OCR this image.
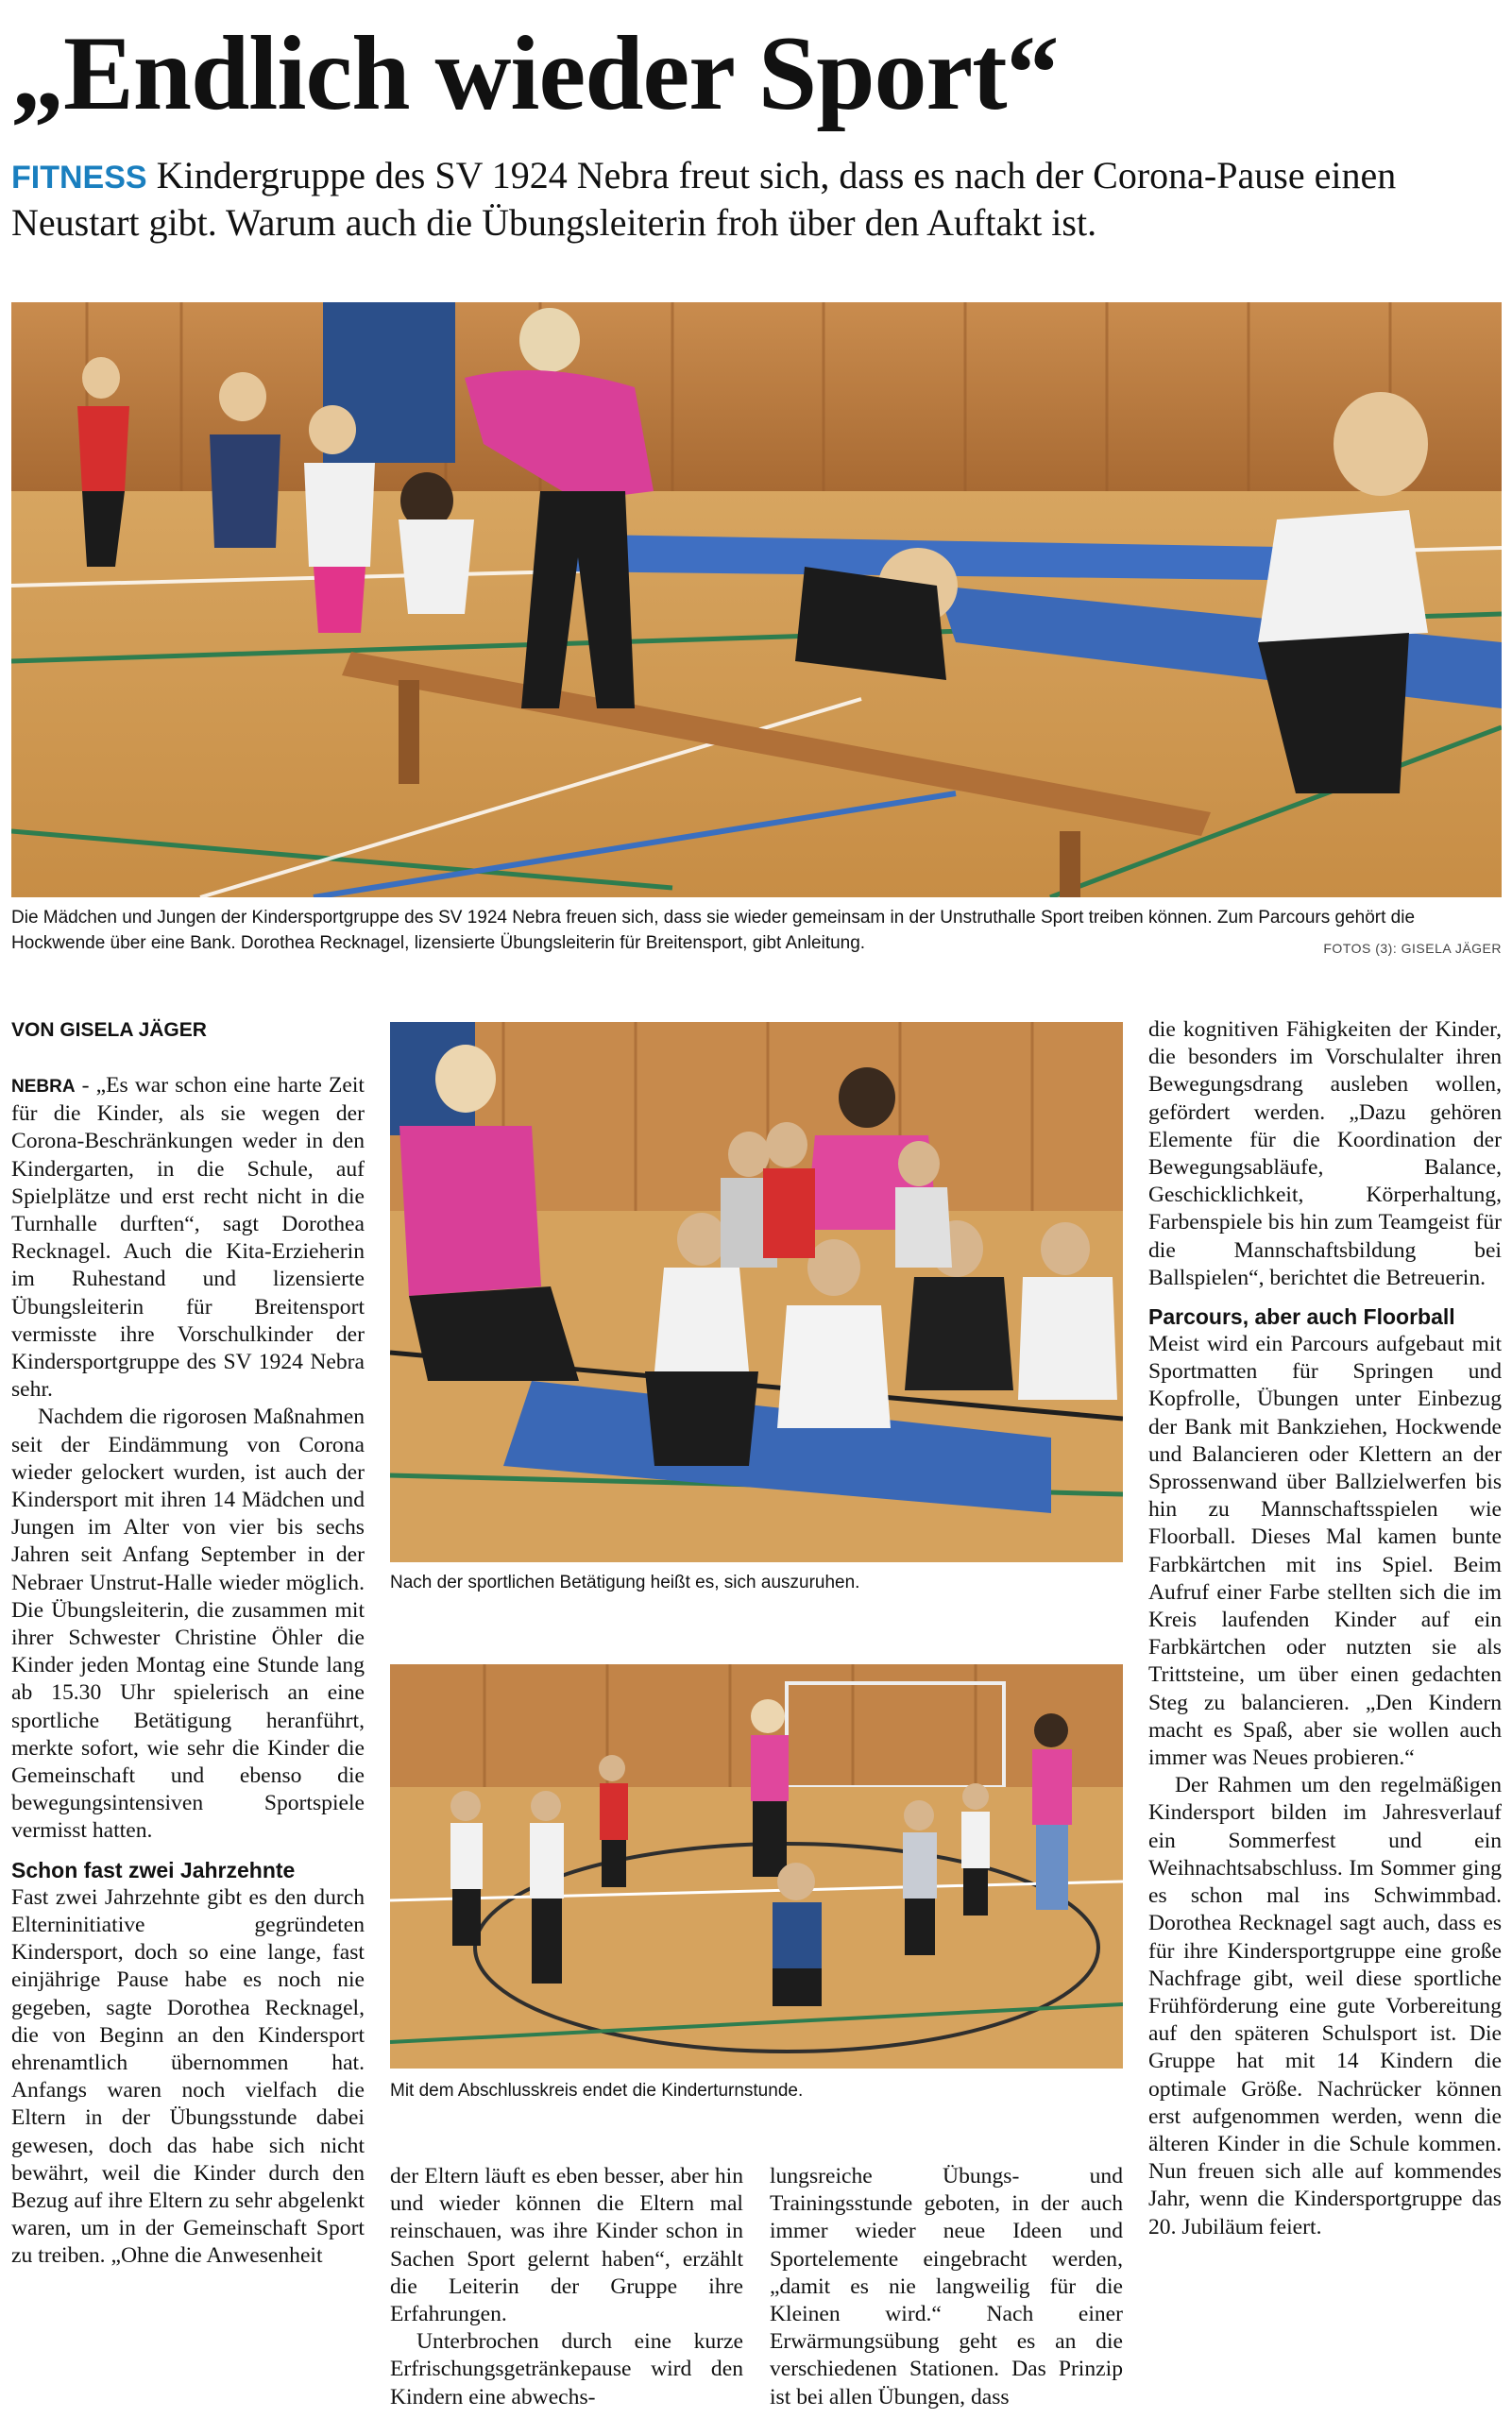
„Endlich wieder Sport“
FITNESS Kindergruppe des SV 1924 Nebra freut sich, dass es nach der Corona-Pause einen Neustart gibt. Warum auch die Übungsleiterin froh über den Auftakt ist.
Die Mädchen und Jungen der Kindersportgruppe des SV 1924 Nebra freuen sich, dass sie wieder gemeinsam in der Unstruthalle Sport treiben können. Zum Parcours gehört die Hockwende über eine Bank. Dorothea Recknagel, lizensierte Übungsleiterin für Breitensport, gibt Anleitung.	FOTOS (3): GISELA JÄGER
VON GISELA JÄGER

NEBRA - „Es war schon eine harte Zeit für die Kinder, als sie wegen der Corona-Beschränkungen weder in den Kindergarten, in die Schule, auf Spielplätze und erst recht nicht in die Turnhalle durften“, sagt Dorothea Recknagel. Auch die Kita-Erzieherin im Ruhestand und lizensierte Übungsleiterin für Breitensport vermisste ihre Vorschulkinder der Kindersportgruppe des SV 1924 Nebra sehr.

Nachdem die rigorosen Maßnahmen seit der Eindämmung von Corona wieder gelockert wurden, ist auch der Kindersport mit ihren 14 Mädchen und Jungen im Alter von vier bis sechs Jahren seit Anfang September in der Nebraer Unstrut-Halle wieder möglich. Die Übungsleiterin, die zusammen mit ihrer Schwester Christine Öhler die Kinder jeden Montag eine Stunde lang ab 15.30 Uhr spielerisch an eine sportliche Betätigung heranführt, merkte sofort, wie sehr die Kinder die Gemeinschaft und ebenso die bewegungsintensiven Sportspiele vermisst hatten.

Schon fast zwei Jahrzehnte

Fast zwei Jahrzehnte gibt es den durch Elterninitiative gegründeten Kindersport, doch so eine lange, fast einjährige Pause habe es noch nie gegeben, sagte Dorothea Recknagel, die von Beginn an den Kindersport ehrenamtlich übernommen hat. Anfangs waren noch vielfach die Eltern in der Übungsstunde dabei gewesen, doch das habe sich nicht bewährt, weil die Kinder durch den Bezug auf ihre Eltern zu sehr abgelenkt waren, um in der Gemeinschaft Sport zu treiben. „Ohne die Anwesenheit

Nach der sportlichen Betätigung heißt es, sich auszuruhen.
Mit dem Abschlusskreis endet die Kinderturnstunde.

der Eltern läuft es eben besser, aber hin und wieder können die Eltern mal reinschauen, was ihre Kinder schon in Sachen Sport gelernt haben“, erzählt die Leiterin der Gruppe ihre Erfahrungen.

Unterbrochen durch eine kurze Erfrischungsgetränkepause wird den Kindern eine abwechs-

lungsreiche Übungs- und Trainingsstunde geboten, in der auch immer wieder neue Ideen und Sportelemente eingebracht werden, „damit es nie langweilig für die Kleinen wird.“ Nach einer Erwärmungsübung geht es an die verschiedenen Stationen. Das Prinzip ist bei allen Übungen, dass

die kognitiven Fähigkeiten der Kinder, die besonders im Vorschulalter ihren Bewegungsdrang ausleben wollen, gefördert werden. „Dazu gehören Elemente für die Koordination der Bewegungsabläufe, Balance, Geschicklichkeit, Körperhaltung, Farbenspiele bis hin zum Teamgeist für die Mannschaftsbildung bei Ballspielen“, berichtet die Betreuerin.

Parcours, aber auch Floorball

Meist wird ein Parcours aufgebaut mit Sportmatten für Springen und Kopfrolle, Übungen unter Einbezug der Bank mit Bankziehen, Hockwende und Balancieren oder Klettern an der Sprossenwand über Ballzielwerfen bis hin zu Mannschaftsspielen wie Floorball. Dieses Mal kamen bunte Farbkärtchen mit ins Spiel. Beim Aufruf einer Farbe stellten sich die im Kreis laufenden Kinder auf ein Farbkärtchen oder nutzten sie als Trittsteine, um über einen gedachten Steg zu balancieren. „Den Kindern macht es Spaß, aber sie wollen auch immer was Neues probieren.“

Der Rahmen um den regelmäßigen Kindersport bilden im Jahresverlauf ein Sommerfest und ein Weihnachtsabschluss. Im Sommer ging es schon mal ins Schwimmbad. Dorothea Recknagel sagt auch, dass es für ihre Kindersportgruppe eine große Nachfrage gibt, weil diese sportliche Frühförderung eine gute Vorbereitung auf den späteren Schulsport ist. Die Gruppe hat mit 14 Kindern die optimale Größe. Nachrücker können erst aufgenommen werden, wenn die älteren Kinder in die Schule kommen. Nun freuen sich alle auf kommendes Jahr, wenn die Kindersportgruppe das 20. Jubiläum feiert.
